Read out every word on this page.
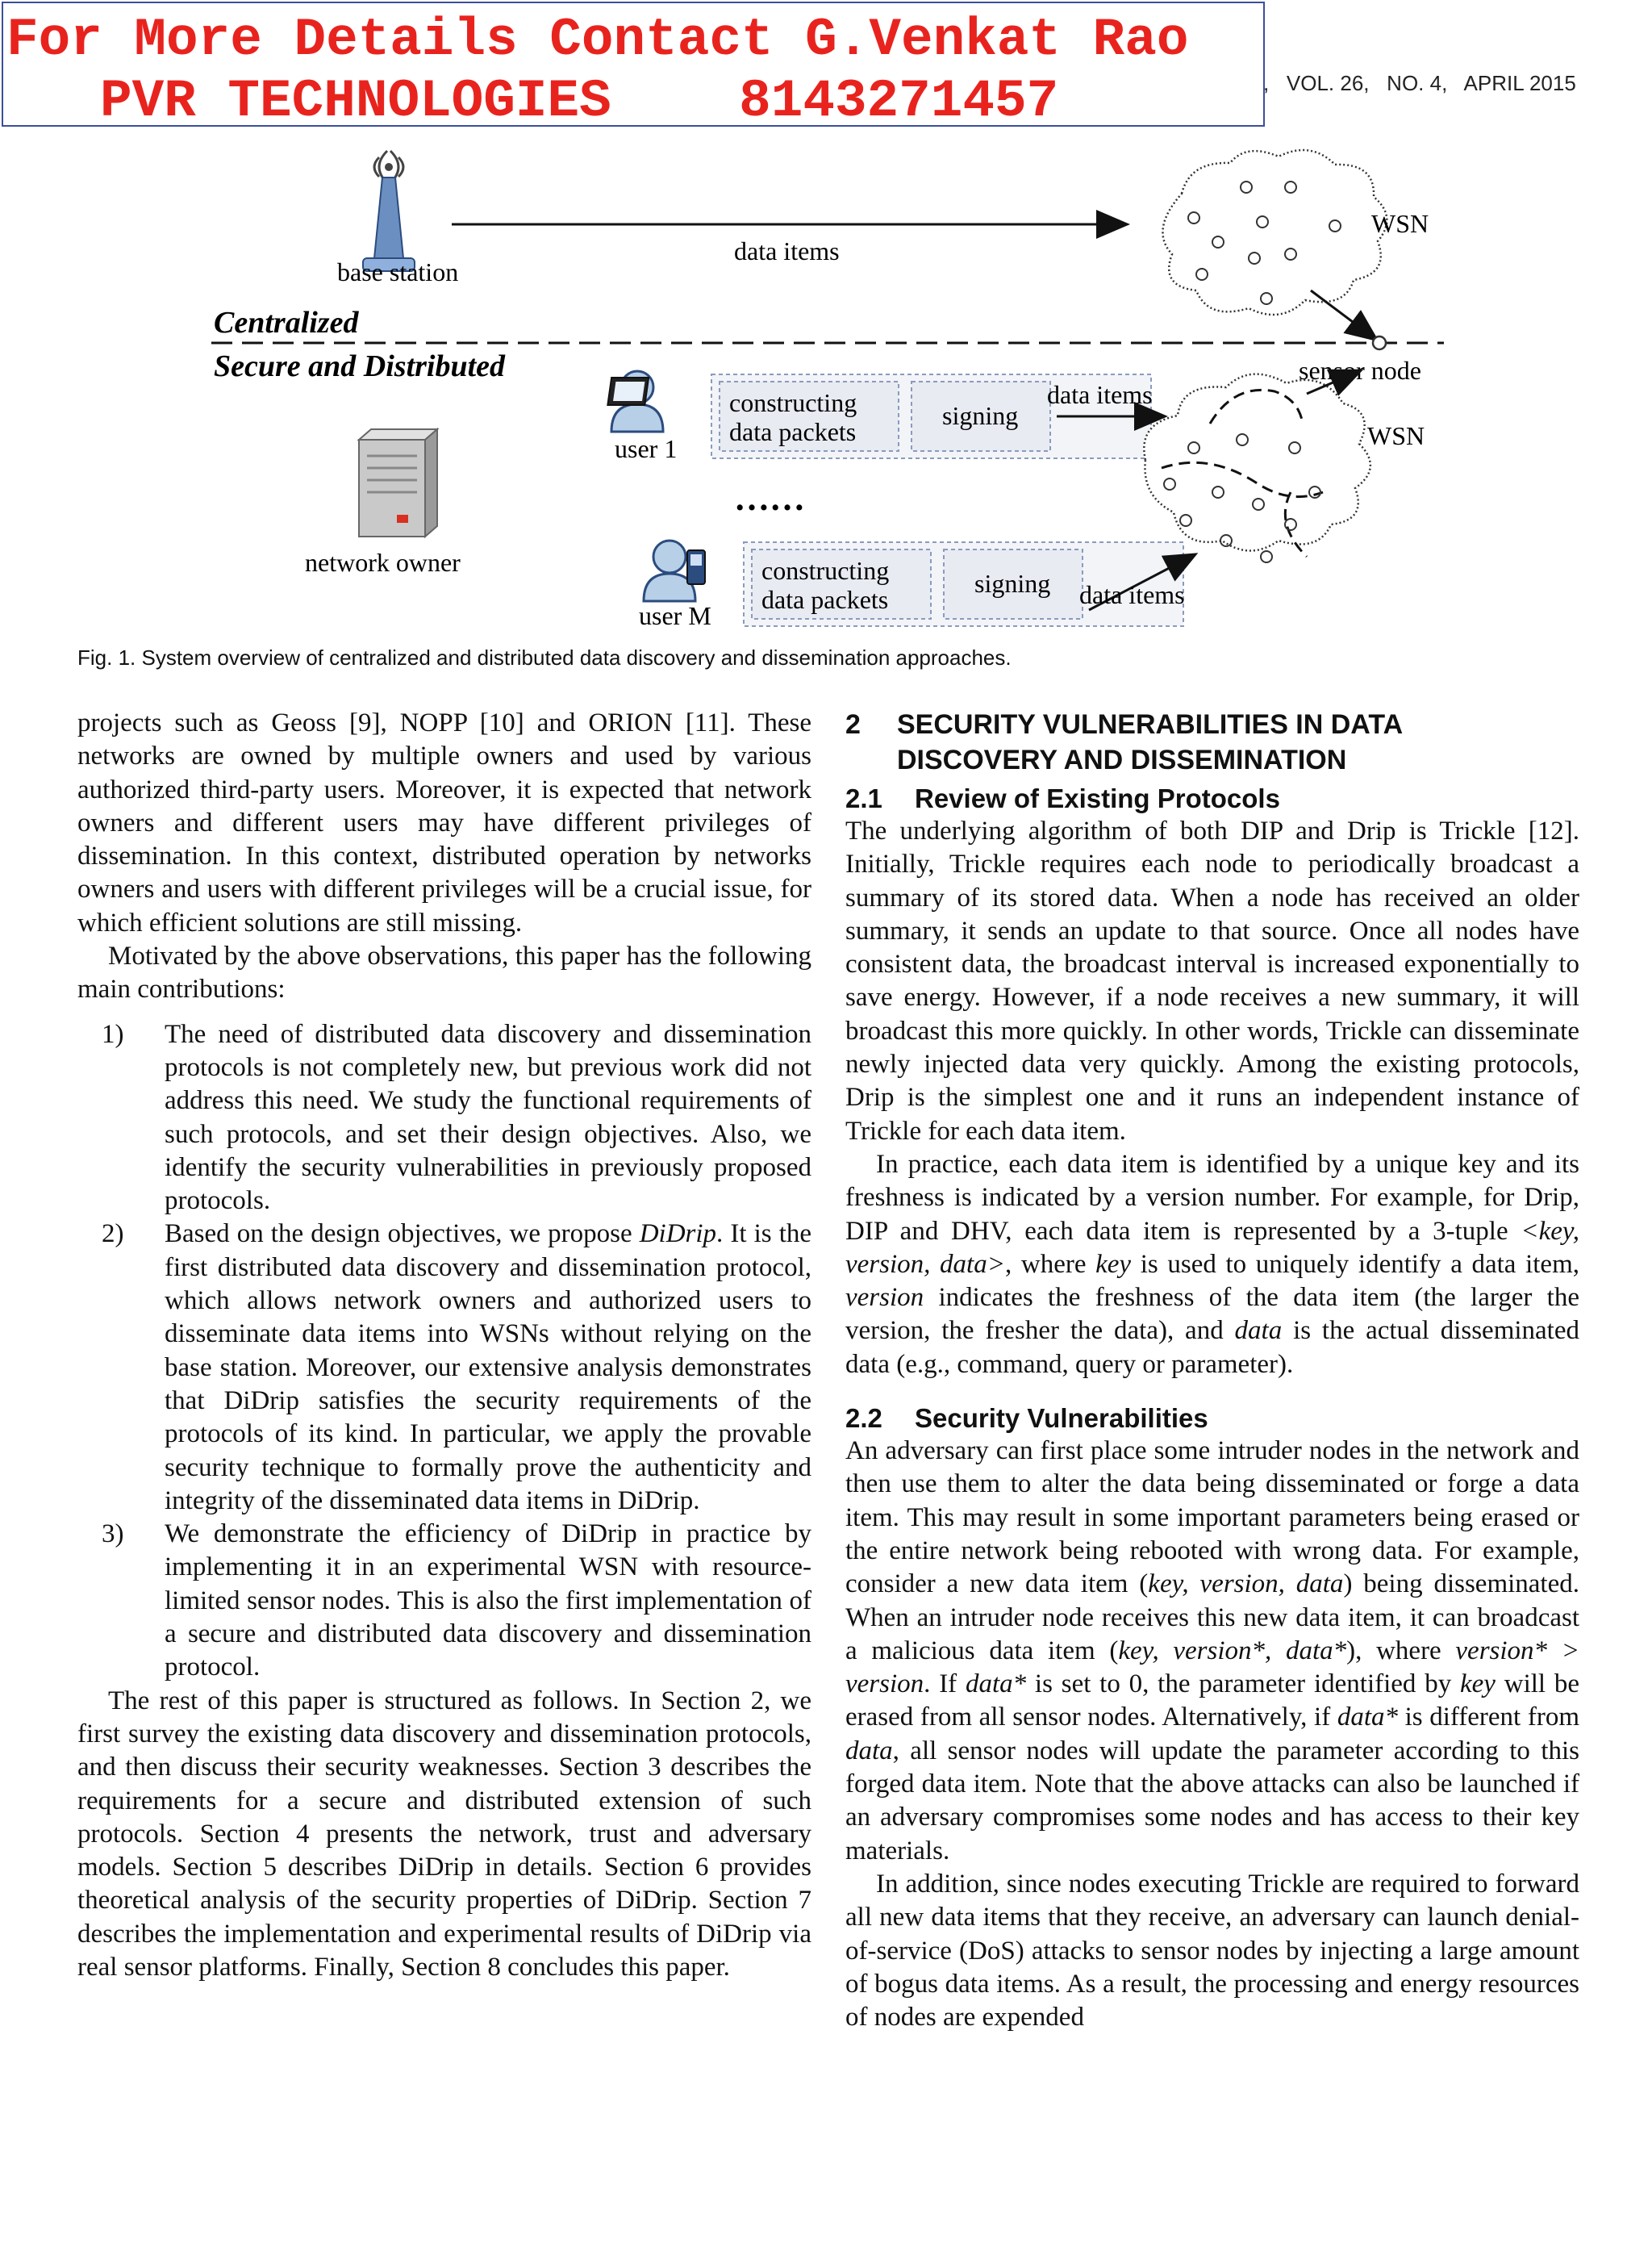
For More Details Contact G.Venkat Rao
PVR TECHNOLOGIES    8143271457	,   VOL. 26,   NO. 4,   APRIL 2015
base station
data items
WSN
Centralized
Secure and Distributed	sensor node
network owner
user 1
constructing
data packets
signing
data items
……
user M
constructing
data packets
signing data items
WSN
Fig. 1. System overview of centralized and distributed data discovery and dissemination approaches.

projects such as Geoss [9], NOPP [10] and ORION [11]. These networks are owned by multiple owners and used by various authorized third-party users. Moreover, it is expected that network owners and different users may have different privileges of dissemination. In this context, distributed operation by networks owners and users with different privileges will be a crucial issue, for which efficient solutions are still missing.

Motivated by the above observations, this paper has the following main contributions:

1) The need of distributed data discovery and dissemination protocols is not completely new, but previous work did not address this need. We study the functional requirements of such protocols, and set their design objectives. Also, we identify the security vulnerabilities in previously proposed protocols.
2) Based on the design objectives, we propose DiDrip. It is the first distributed data discovery and dissemination protocol, which allows network owners and authorized users to disseminate data items into WSNs without relying on the base station. Moreover, our extensive analysis demonstrates that DiDrip satisfies the security requirements of the protocols of its kind. In particular, we apply the provable security technique to formally prove the authenticity and integrity of the disseminated data items in DiDrip.
3) We demonstrate the efficiency of DiDrip in practice by implementing it in an experimental WSN with resource-limited sensor nodes. This is also the first implementation of a secure and distributed data discovery and dissemination protocol.

The rest of this paper is structured as follows. In Section 2, we first survey the existing data discovery and dissemination protocols, and then discuss their security weaknesses. Section 3 describes the requirements for a secure and distributed extension of such protocols. Section 4 presents the network, trust and adversary models. Section 5 describes DiDrip in details. Section 6 provides theoretical analysis of the security properties of DiDrip. Section 7 describes the implementation and experimental results of DiDrip via real sensor platforms. Finally, Section 8 concludes this paper.

2 SECURITY VULNERABILITIES IN DATA
DISCOVERY AND DISSEMINATION
2.1 Review of Existing Protocols

The underlying algorithm of both DIP and Drip is Trickle [12]. Initially, Trickle requires each node to periodically broadcast a summary of its stored data. When a node has received an older summary, it sends an update to that source. Once all nodes have consistent data, the broadcast interval is increased exponentially to save energy. However, if a node receives a new summary, it will broadcast this more quickly. In other words, Trickle can disseminate newly injected data very quickly. Among the existing protocols, Drip is the simplest one and it runs an independent instance of Trickle for each data item.

In practice, each data item is identified by a unique key and its freshness is indicated by a version number. For example, for Drip, DIP and DHV, each data item is represented by a 3-tuple <key, version, data>, where key is used to uniquely identify a data item, version indicates the freshness of the data item (the larger the version, the fresher the data), and data is the actual disseminated data (e.g., command, query or parameter).

2.2 Security Vulnerabilities

An adversary can first place some intruder nodes in the network and then use them to alter the data being disseminated or forge a data item. This may result in some important parameters being erased or the entire network being rebooted with wrong data. For example, consider a new data item (key, version, data) being disseminated. When an intruder node receives this new data item, it can broadcast a malicious data item (key, version*, data*), where version* > version. If data* is set to 0, the parameter identified by key will be erased from all sensor nodes. Alternatively, if data* is different from data, all sensor nodes will update the parameter according to this forged data item. Note that the above attacks can also be launched if an adversary compromises some nodes and has access to their key materials.

In addition, since nodes executing Trickle are required to forward all new data items that they receive, an adversary can launch denial-of-service (DoS) attacks to sensor nodes by injecting a large amount of bogus data items. As a result, the processing and energy resources of nodes are expended
